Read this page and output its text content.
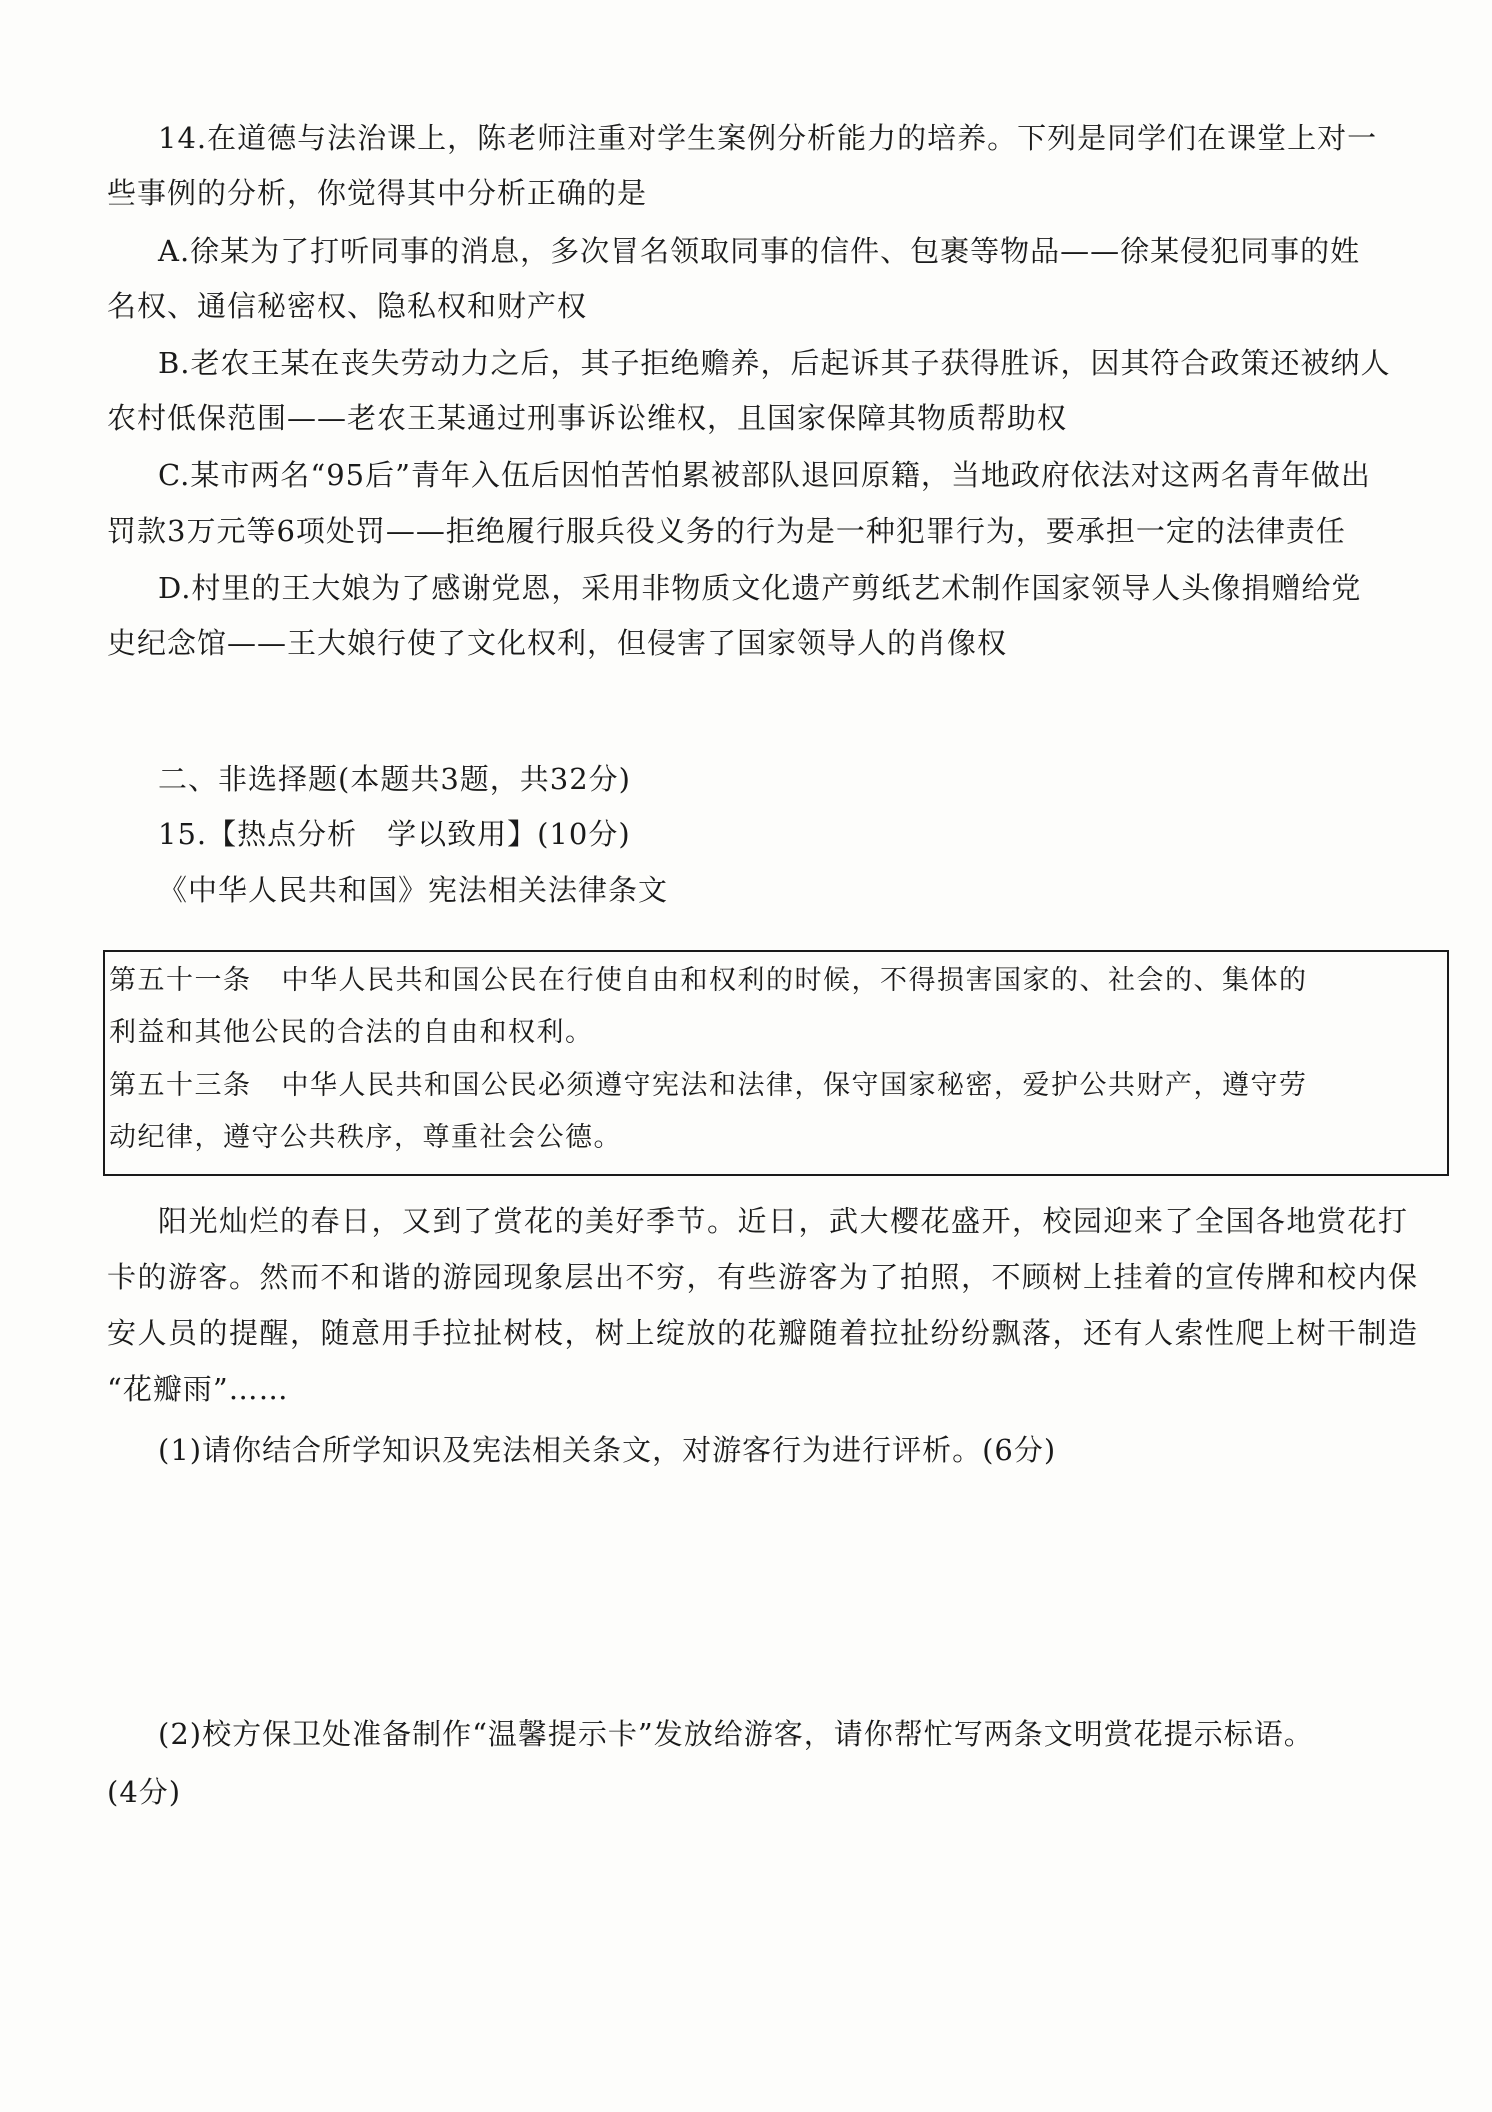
14.在道德与法治课上，陈老师注重对学生案例分析能力的培养。下列是同学们在课堂上对一
些事例的分析，你觉得其中分析正确的是
A.徐某为了打听同事的消息，多次冒名领取同事的信件、包裹等物品——徐某侵犯同事的姓
名权、通信秘密权、隐私权和财产权
B.老农王某在丧失劳动力之后，其子拒绝赡养，后起诉其子获得胜诉，因其符合政策还被纳人
农村低保范围——老农王某通过刑事诉讼维权，且国家保障其物质帮助权
C.某市两名“95后”青年入伍后因怕苦怕累被部队退回原籍，当地政府依法对这两名青年做出
罚款3万元等6项处罚——拒绝履行服兵役义务的行为是一种犯罪行为，要承担一定的法律责任
D.村里的王大娘为了感谢党恩，采用非物质文化遗产剪纸艺术制作国家领导人头像捐赠给党
史纪念馆——王大娘行使了文化权利，但侵害了国家领导人的肖像权
二、非选择题(本题共3题，共32分)
15.【热点分析　学以致用】(10分)
《中华人民共和国》宪法相关法律条文
第五十一条 中华人民共和国公民在行使自由和权利的时候，不得损害国家的、社会的、集体的
利益和其他公民的合法的自由和权利。
第五十三条 中华人民共和国公民必须遵守宪法和法律，保守国家秘密，爱护公共财产，遵守劳
动纪律，遵守公共秩序，尊重社会公德。
阳光灿烂的春日，又到了赏花的美好季节。近日，武大樱花盛开，校园迎来了全国各地赏花打
卡的游客。然而不和谐的游园现象层出不穷，有些游客为了拍照，不顾树上挂着的宣传牌和校内保
安人员的提醒，随意用手拉扯树枝，树上绽放的花瓣随着拉扯纷纷飘落，还有人索性爬上树干制造
“花瓣雨”……
(1)请你结合所学知识及宪法相关条文，对游客行为进行评析。(6分)
(2)校方保卫处准备制作“温馨提示卡”发放给游客，请你帮忙写两条文明赏花提示标语。
(4分)
